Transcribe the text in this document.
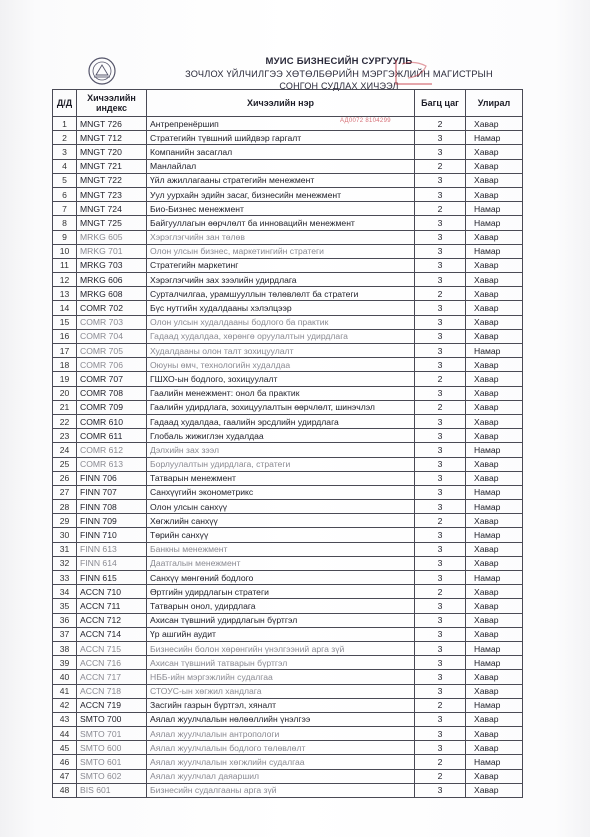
МУИС БИЗНЕСИЙН СУРГУУЛЬ
ЗОЧЛОХ ҮЙЛЧИЛГЭЭ ХӨТӨЛБӨРИЙН МЭРГЭЖЛИЙН МАГИСТРЫН
СОНГОН СУДЛАХ ХИЧЭЭЛ
АД0072 8104299
Д/Д	Хичээлийн индекс	Хичээлийн нэр	Багц цаг	Улирал
1	MNGT 726	Антрепренёршип	2	Хавар
2	MNGT 712	Стратегийн түвшний шийдвэр гаргалт	3	Намар
3	MNGT 720	Компанийн засаглал	3	Хавар
4	MNGT 721	Манлайлал	2	Хавар
5	MNGT 722	Үйл ажиллагааны стратегийн менежмент	3	Хавар
6	MNGT 723	Уул уурхайн эдийн засаг, бизнесийн менежмент	3	Хавар
7	MNGT 724	Био-Бизнес менежмент	2	Намар
8	MNGT 725	Байгууллагын өөрчлөлт ба инновацийн менежмент	3	Намар
9	MRKG 605	Хэрэглэгчийн зан төлөв	3	Хавар
10	MRKG 701	Олон улсын бизнес, маркетингийн стратеги	3	Намар
11	MRKG 703	Стратегийн маркетинг	3	Хавар
12	MRKG 606	Хэрэглэгчийн зах зээлийн удирдлага	3	Хавар
13	MRKG 608	Сурталчилгаа, урамшууллын төлөвлөлт ба стратеги	2	Хавар
14	COMR 702	Бүс нутгийн худалдааны хэлэлцээр	3	Хавар
15	COMR 703	Олон улсын худалдааны бодлого ба практик	3	Хавар
16	COMR 704	Гадаад худалдаа, хөрөнгө оруулалтын удирдлага	3	Хавар
17	COMR 705	Худалдааны олон талт зохицуулалт	3	Намар
18	COMR 706	Оюуны өмч, технологийн худалдаа	3	Хавар
19	COMR 707	ГШХО-ын бодлого, зохицуулалт	2	Хавар
20	COMR 708	Гаалийн менежмент: онол ба практик	3	Хавар
21	COMR 709	Гаалийн удирдлага, зохицуулалтын өөрчлөлт, шинэчлэл	2	Хавар
22	COMR 610	Гадаад худалдаа, гаалийн эрсдлийн удирдлага	3	Хавар
23	COMR 611	Глобаль жижиглэн худалдаа	3	Хавар
24	COMR 612	Дэлхийн зах зээл	3	Намар
25	COMR 613	Борлуулалтын удирдлага, стратеги	3	Хавар
26	FINN 706	Татварын менежмент	3	Хавар
27	FINN 707	Санхүүгийн эконометрикс	3	Намар
28	FINN 708	Олон улсын санхүү	3	Намар
29	FINN 709	Хөгжлийн санхүү	2	Хавар
30	FINN 710	Төрийн санхүү	3	Намар
31	FINN 613	Банкны менежмент	3	Хавар
32	FINN 614	Даатгалын менежмент	3	Хавар
33	FINN 615	Санхүү мөнгөний бодлого	3	Намар
34	ACCN 710	Өртгийн удирдлагын стратеги	2	Хавар
35	ACCN 711	Татварын онол, удирдлага	3	Хавар
36	ACCN 712	Ахисан түвшний удирдлагын бүртгэл	3	Хавар
37	ACCN 714	Үр ашгийн аудит	3	Хавар
38	ACCN 715	Бизнесийн болон хөрөнгийн үнэлгээний арга зүй	3	Намар
39	ACCN 716	Ахисан түвшний татварын бүртгэл	3	Намар
40	ACCN 717	НББ-ийн мэргэжлийн судалгаа	3	Хавар
41	ACCN 718	СТОУС-ын хөгжил хандлага	3	Хавар
42	ACCN 719	Засгийн газрын бүртгэл, хяналт	2	Намар
43	SMTO 700	Аялал жуулчлалын нөлөөллийн үнэлгээ	3	Хавар
44	SMTO 701	Аялал жуулчлалын антропологи	3	Хавар
45	SMTO 600	Аялал жуулчлалын бодлого төлөвлөлт	3	Хавар
46	SMTO 601	Аялал жуулчлалын хөгжлийн судалгаа	2	Намар
47	SMTO 602	Аялал жуулчлал даяаршил	2	Хавар
48	BIS 601	Бизнесийн судалгааны арга зүй	3	Хавар
